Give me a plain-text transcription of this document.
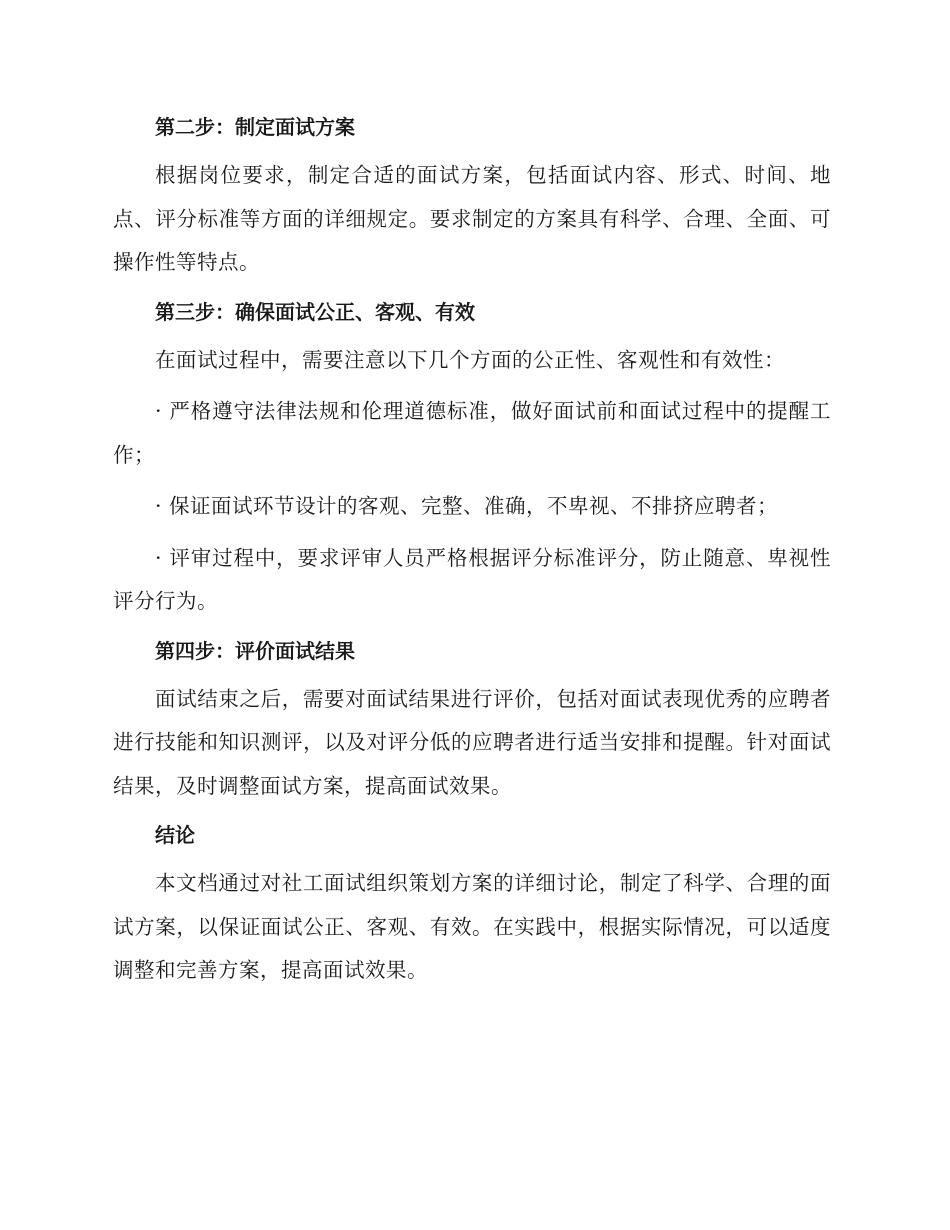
第二步：制定面试方案

根据岗位要求，制定合适的面试方案，包括面试内容、形式、时间、地点、评分标准等方面的详细规定。要求制定的方案具有科学、合理、全面、可操作性等特点。

第三步：确保面试公正、客观、有效

在面试过程中，需要注意以下几个方面的公正性、客观性和有效性：

· 严格遵守法律法规和伦理道德标准，做好面试前和面试过程中的提醒工作；

· 保证面试环节设计的客观、完整、准确，不卑视、不排挤应聘者；

· 评审过程中，要求评审人员严格根据评分标准评分，防止随意、卑视性评分行为。

第四步：评价面试结果

面试结束之后，需要对面试结果进行评价，包括对面试表现优秀的应聘者进行技能和知识测评，以及对评分低的应聘者进行适当安排和提醒。针对面试结果，及时调整面试方案，提高面试效果。

结论

本文档通过对社工面试组织策划方案的详细讨论，制定了科学、合理的面试方案，以保证面试公正、客观、有效。在实践中，根据实际情况，可以适度调整和完善方案，提高面试效果。
